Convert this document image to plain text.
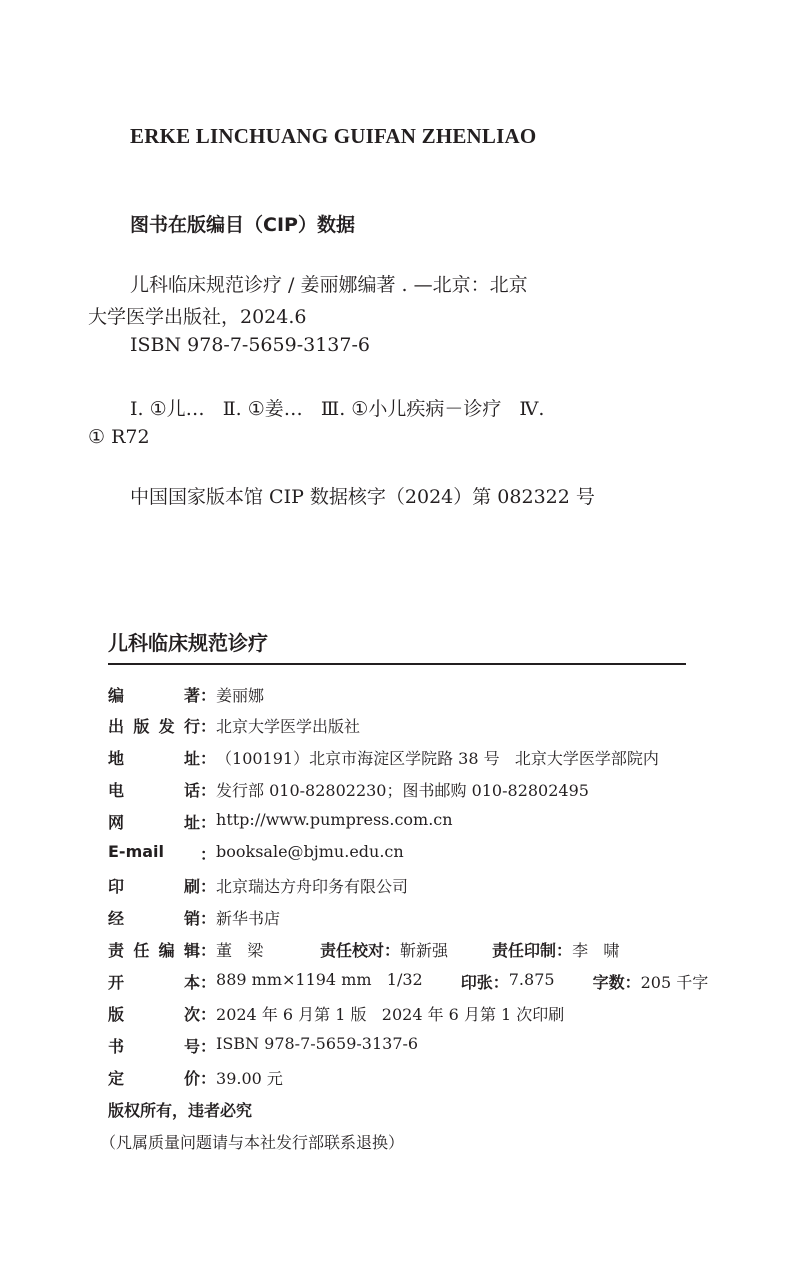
ERKE LINCHUANG GUIFAN ZHENLIAO
图书在版编目（CIP）数据
儿科临床规范诊疗 / 姜丽娜编著 . —北京：北京
大学医学出版社，2024.6
ISBN 978-7-5659-3137-6
Ⅰ. ①儿…   Ⅱ. ①姜…   Ⅲ. ①小儿疾病－诊疗   Ⅳ.
① R72
中国国家版本馆 CIP 数据核字（2024）第 082322 号
儿科临床规范诊疗
编著 ： 姜丽娜
出版发行 ： 北京大学医学出版社
地址 ： （100191）北京市海淀区学院路 38 号   北京大学医学部院内
电话 ： 发行部 010-82802230；图书邮购 010-82802495
网址 ： http://www.pumpress.com.cn
E-mail	： booksale@bjmu.edu.cn
印刷 ： 北京瑞达方舟印务有限公司
经销 ： 新华书店
责任编辑 ： 董   梁	责任校对： 靳新强	责任印制： 李   啸
开本 ： 889 mm×1194 mm   1/32 印张： 7.875 字数： 205 千字
版次 ： 2024 年 6 月第 1 版   2024 年 6 月第 1 次印刷
书号 ： ISBN 978-7-5659-3137-6
定价 ： 39.00 元
版权所有，违者必究
（凡属质量问题请与本社发行部联系退换）
